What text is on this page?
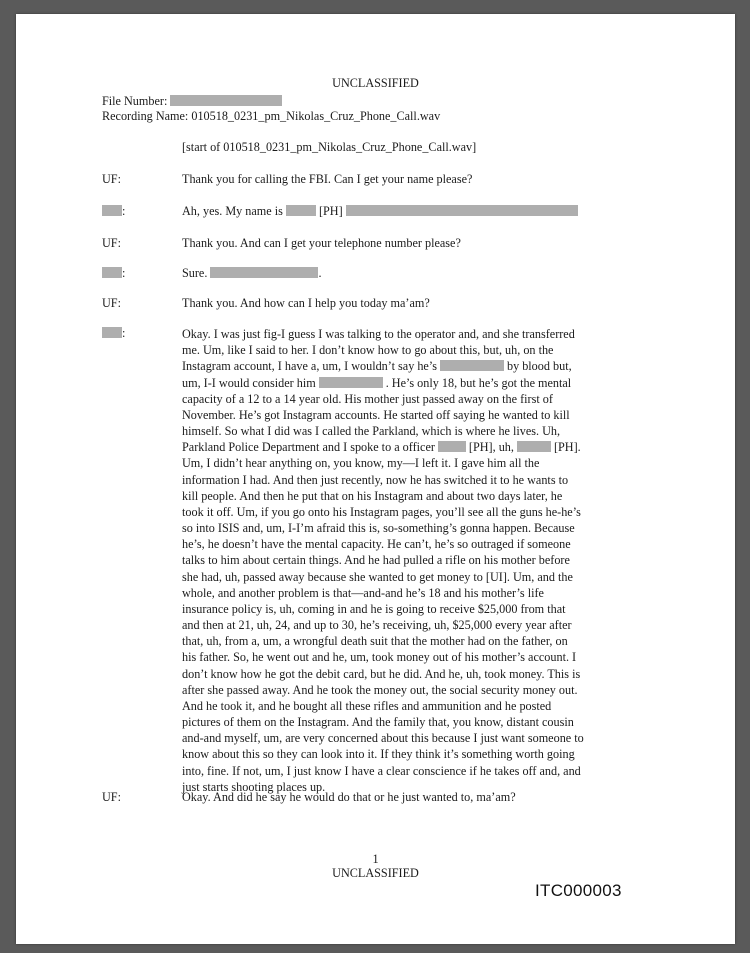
UNCLASSIFIED
File Number:
Recording Name: 010518_0231_pm_Nikolas_Cruz_Phone_Call.wav
[start of 010518_0231_pm_Nikolas_Cruz_Phone_Call.wav]
UF:	Thank you for calling the FBI. Can I get your name please?
:	Ah, yes. My name is	[PH]
UF:	Thank you. And can I get your telephone number please?
:	Sure.	.
UF:	Thank you. And how can I help you today ma’am?
:	Okay. I was just fig-I guess I was talking to the operator and, and she transferred

me. Um, like I said to her. I don’t know how to go about this, but, uh, on the

Instagram account, I have a, um, I wouldn’t say he’s	by blood but,

um, I-I would consider him	. He’s only 18, but he’s got the mental

capacity of a 12 to a 14 year old. His mother just passed away on the first of

November. He’s got Instagram accounts. He started off saying he wanted to kill

himself. So what I did was I called the Parkland, which is where he lives. Uh,

Parkland Police Department and I spoke to a officer	[PH], uh,	[PH].

Um, I didn’t hear anything on, you know, my—I left it. I gave him all the

information I had. And then just recently, now he has switched it to he wants to

kill people. And then he put that on his Instagram and about two days later, he

took it off. Um, if you go onto his Instagram pages, you’ll see all the guns he-he’s

so into ISIS and, um, I-I’m afraid this is, so-something’s gonna happen. Because

he’s, he doesn’t have the mental capacity. He can’t, he’s so outraged if someone

talks to him about certain things. And he had pulled a rifle on his mother before

she had, uh, passed away because she wanted to get money to [UI]. Um, and the

whole, and another problem is that—and-and he’s 18 and his mother’s life

insurance policy is, uh, coming in and he is going to receive $25,000 from that

and then at 21, uh, 24, and up to 30, he’s receiving, uh, $25,000 every year after

that, uh, from a, um, a wrongful death suit that the mother had on the father, on

his father. So, he went out and he, um, took money out of his mother’s account. I

don’t know how he got the debit card, but he did. And he, uh, took money. This is

after she passed away. And he took the money out, the social security money out.

And he took it, and he bought all these rifles and ammunition and he posted

pictures of them on the Instagram. And the family that, you know, distant cousin

and-and myself, um, are very concerned about this because I just want someone to

know about this so they can look into it. If they think it’s something worth going

into, fine. If not, um, I just know I have a clear conscience if he takes off and, and

just starts shooting places up.

UF:	Okay. And did he say he would do that or he just wanted to, ma’am?
1
UNCLASSIFIED
ITC000003
